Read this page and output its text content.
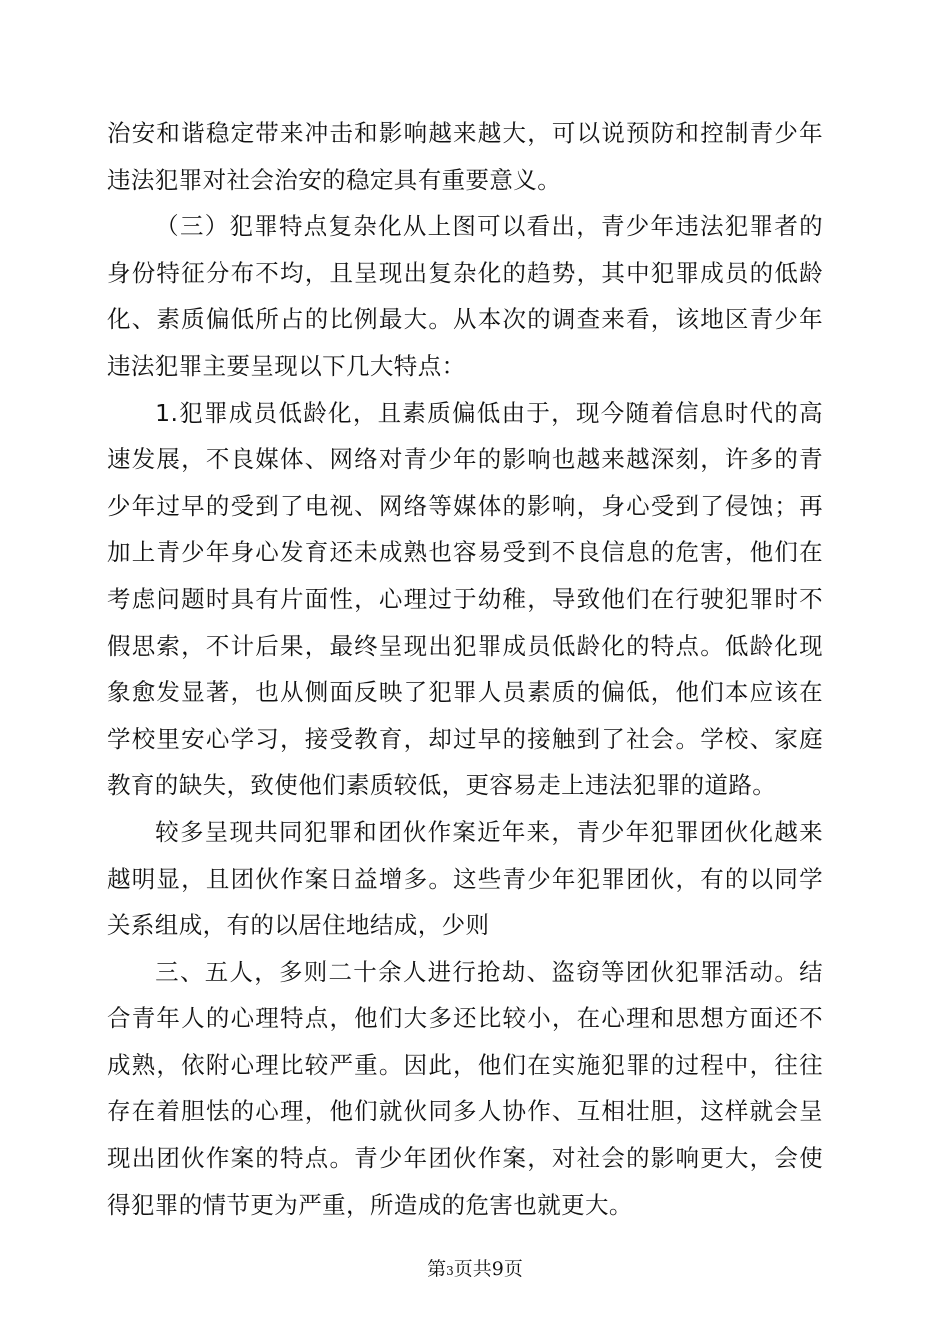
治安和谐稳定带来冲击和影响越来越大，可以说预防和控制青少年违法犯罪对社会治安的稳定具有重要意义。

（三）犯罪特点复杂化从上图可以看出，青少年违法犯罪者的身份特征分布不均，且呈现出复杂化的趋势，其中犯罪成员的低龄化、素质偏低所占的比例最大。从本次的调查来看，该地区青少年违法犯罪主要呈现以下几大特点：

1.犯罪成员低龄化，且素质偏低由于，现今随着信息时代的高速发展，不良媒体、网络对青少年的影响也越来越深刻，许多的青少年过早的受到了电视、网络等媒体的影响，身心受到了侵蚀；再加上青少年身心发育还未成熟也容易受到不良信息的危害，他们在考虑问题时具有片面性，心理过于幼稚，导致他们在行驶犯罪时不假思索，不计后果，最终呈现出犯罪成员低龄化的特点。低龄化现象愈发显著，也从侧面反映了犯罪人员素质的偏低，他们本应该在学校里安心学习，接受教育，却过早的接触到了社会。学校、家庭教育的缺失，致使他们素质较低，更容易走上违法犯罪的道路。

较多呈现共同犯罪和团伙作案近年来，青少年犯罪团伙化越来越明显，且团伙作案日益增多。这些青少年犯罪团伙，有的以同学关系组成，有的以居住地结成，少则

三、五人，多则二十余人进行抢劫、盗窃等团伙犯罪活动。结合青年人的心理特点，他们大多还比较小，在心理和思想方面还不成熟，依附心理比较严重。因此，他们在实施犯罪的过程中，往往存在着胆怯的心理，他们就伙同多人协作、互相壮胆，这样就会呈现出团伙作案的特点。青少年团伙作案，对社会的影响更大，会使得犯罪的情节更为严重，所造成的危害也就更大。

第3页共9页
